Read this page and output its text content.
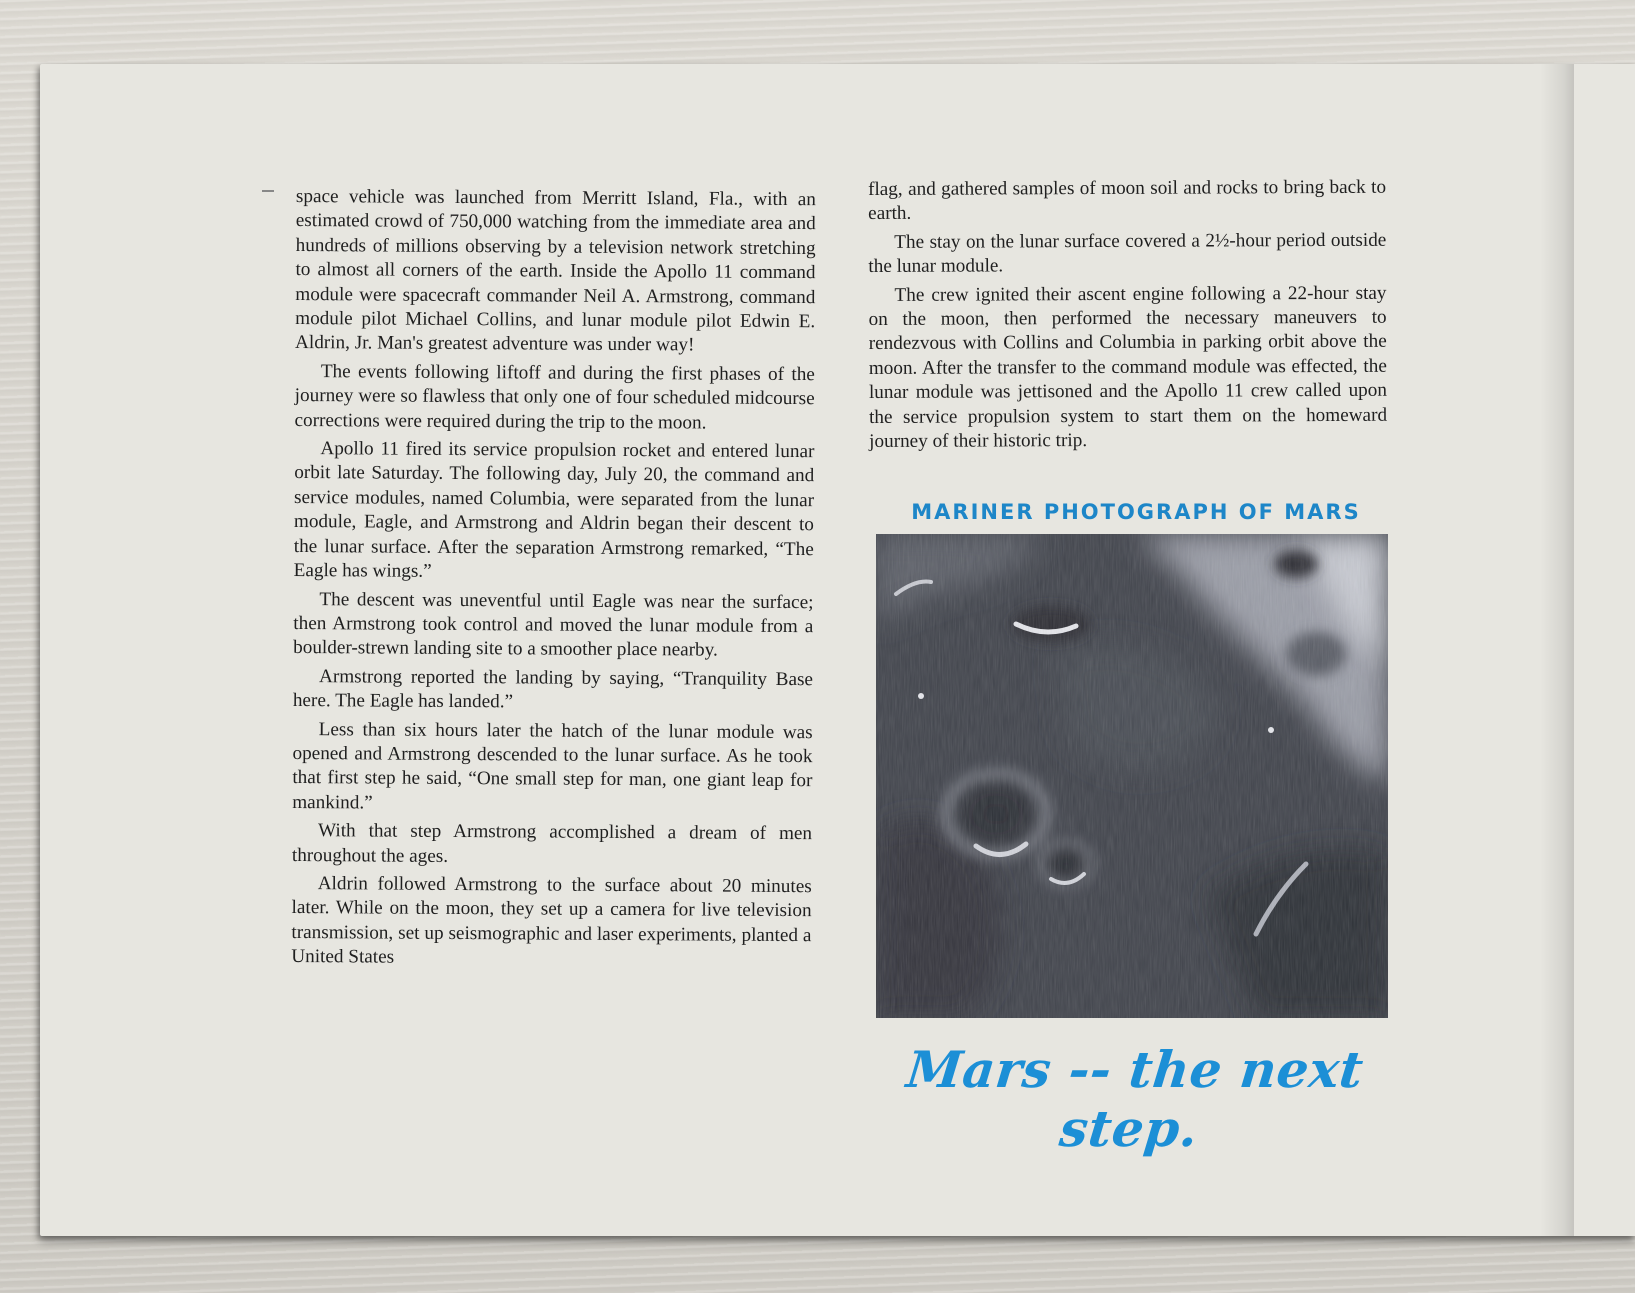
space vehicle was launched from Merritt Island, Fla., with an estimated crowd of 750,000 watching from the immediate area and hundreds of millions observing by a television network stretching to almost all corners of the earth. Inside the Apollo 11 command module were spacecraft commander Neil A. Armstrong, command module pilot Michael Collins, and lunar module pilot Edwin E. Aldrin, Jr. Man's greatest adventure was under way!

The events following liftoff and during the first phases of the journey were so flawless that only one of four scheduled midcourse corrections were required during the trip to the moon.

Apollo 11 fired its service propulsion rocket and entered lunar orbit late Saturday. The following day, July 20, the command and service modules, named Columbia, were separated from the lunar module, Eagle, and Armstrong and Aldrin began their descent to the lunar surface. After the separation Armstrong remarked, “The Eagle has wings.”

The descent was uneventful until Eagle was near the surface; then Armstrong took control and moved the lunar module from a boulder-strewn landing site to a smoother place nearby.

Armstrong reported the landing by saying, “Tranquility Base here. The Eagle has landed.”

Less than six hours later the hatch of the lunar module was opened and Armstrong descended to the lunar surface. As he took that first step he said, “One small step for man, one giant leap for mankind.”

With that step Armstrong accomplished a dream of men throughout the ages.

Aldrin followed Armstrong to the surface about 20 minutes later. While on the moon, they set up a camera for live television transmission, set up seismographic and laser experiments, planted a United States

flag, and gathered samples of moon soil and rocks to bring back to earth.

The stay on the lunar surface covered a 2½-hour period outside the lunar module.

The crew ignited their ascent engine following a 22-hour stay on the moon, then performed the necessary maneuvers to rendezvous with Collins and Columbia in parking orbit above the moon. After the transfer to the command module was effected, the lunar module was jettisoned and the Apollo 11 crew called upon the service propulsion system to start them on the homeward journey of their historic trip.

MARINER PHOTOGRAPH OF MARS
Mars -- the next step.
